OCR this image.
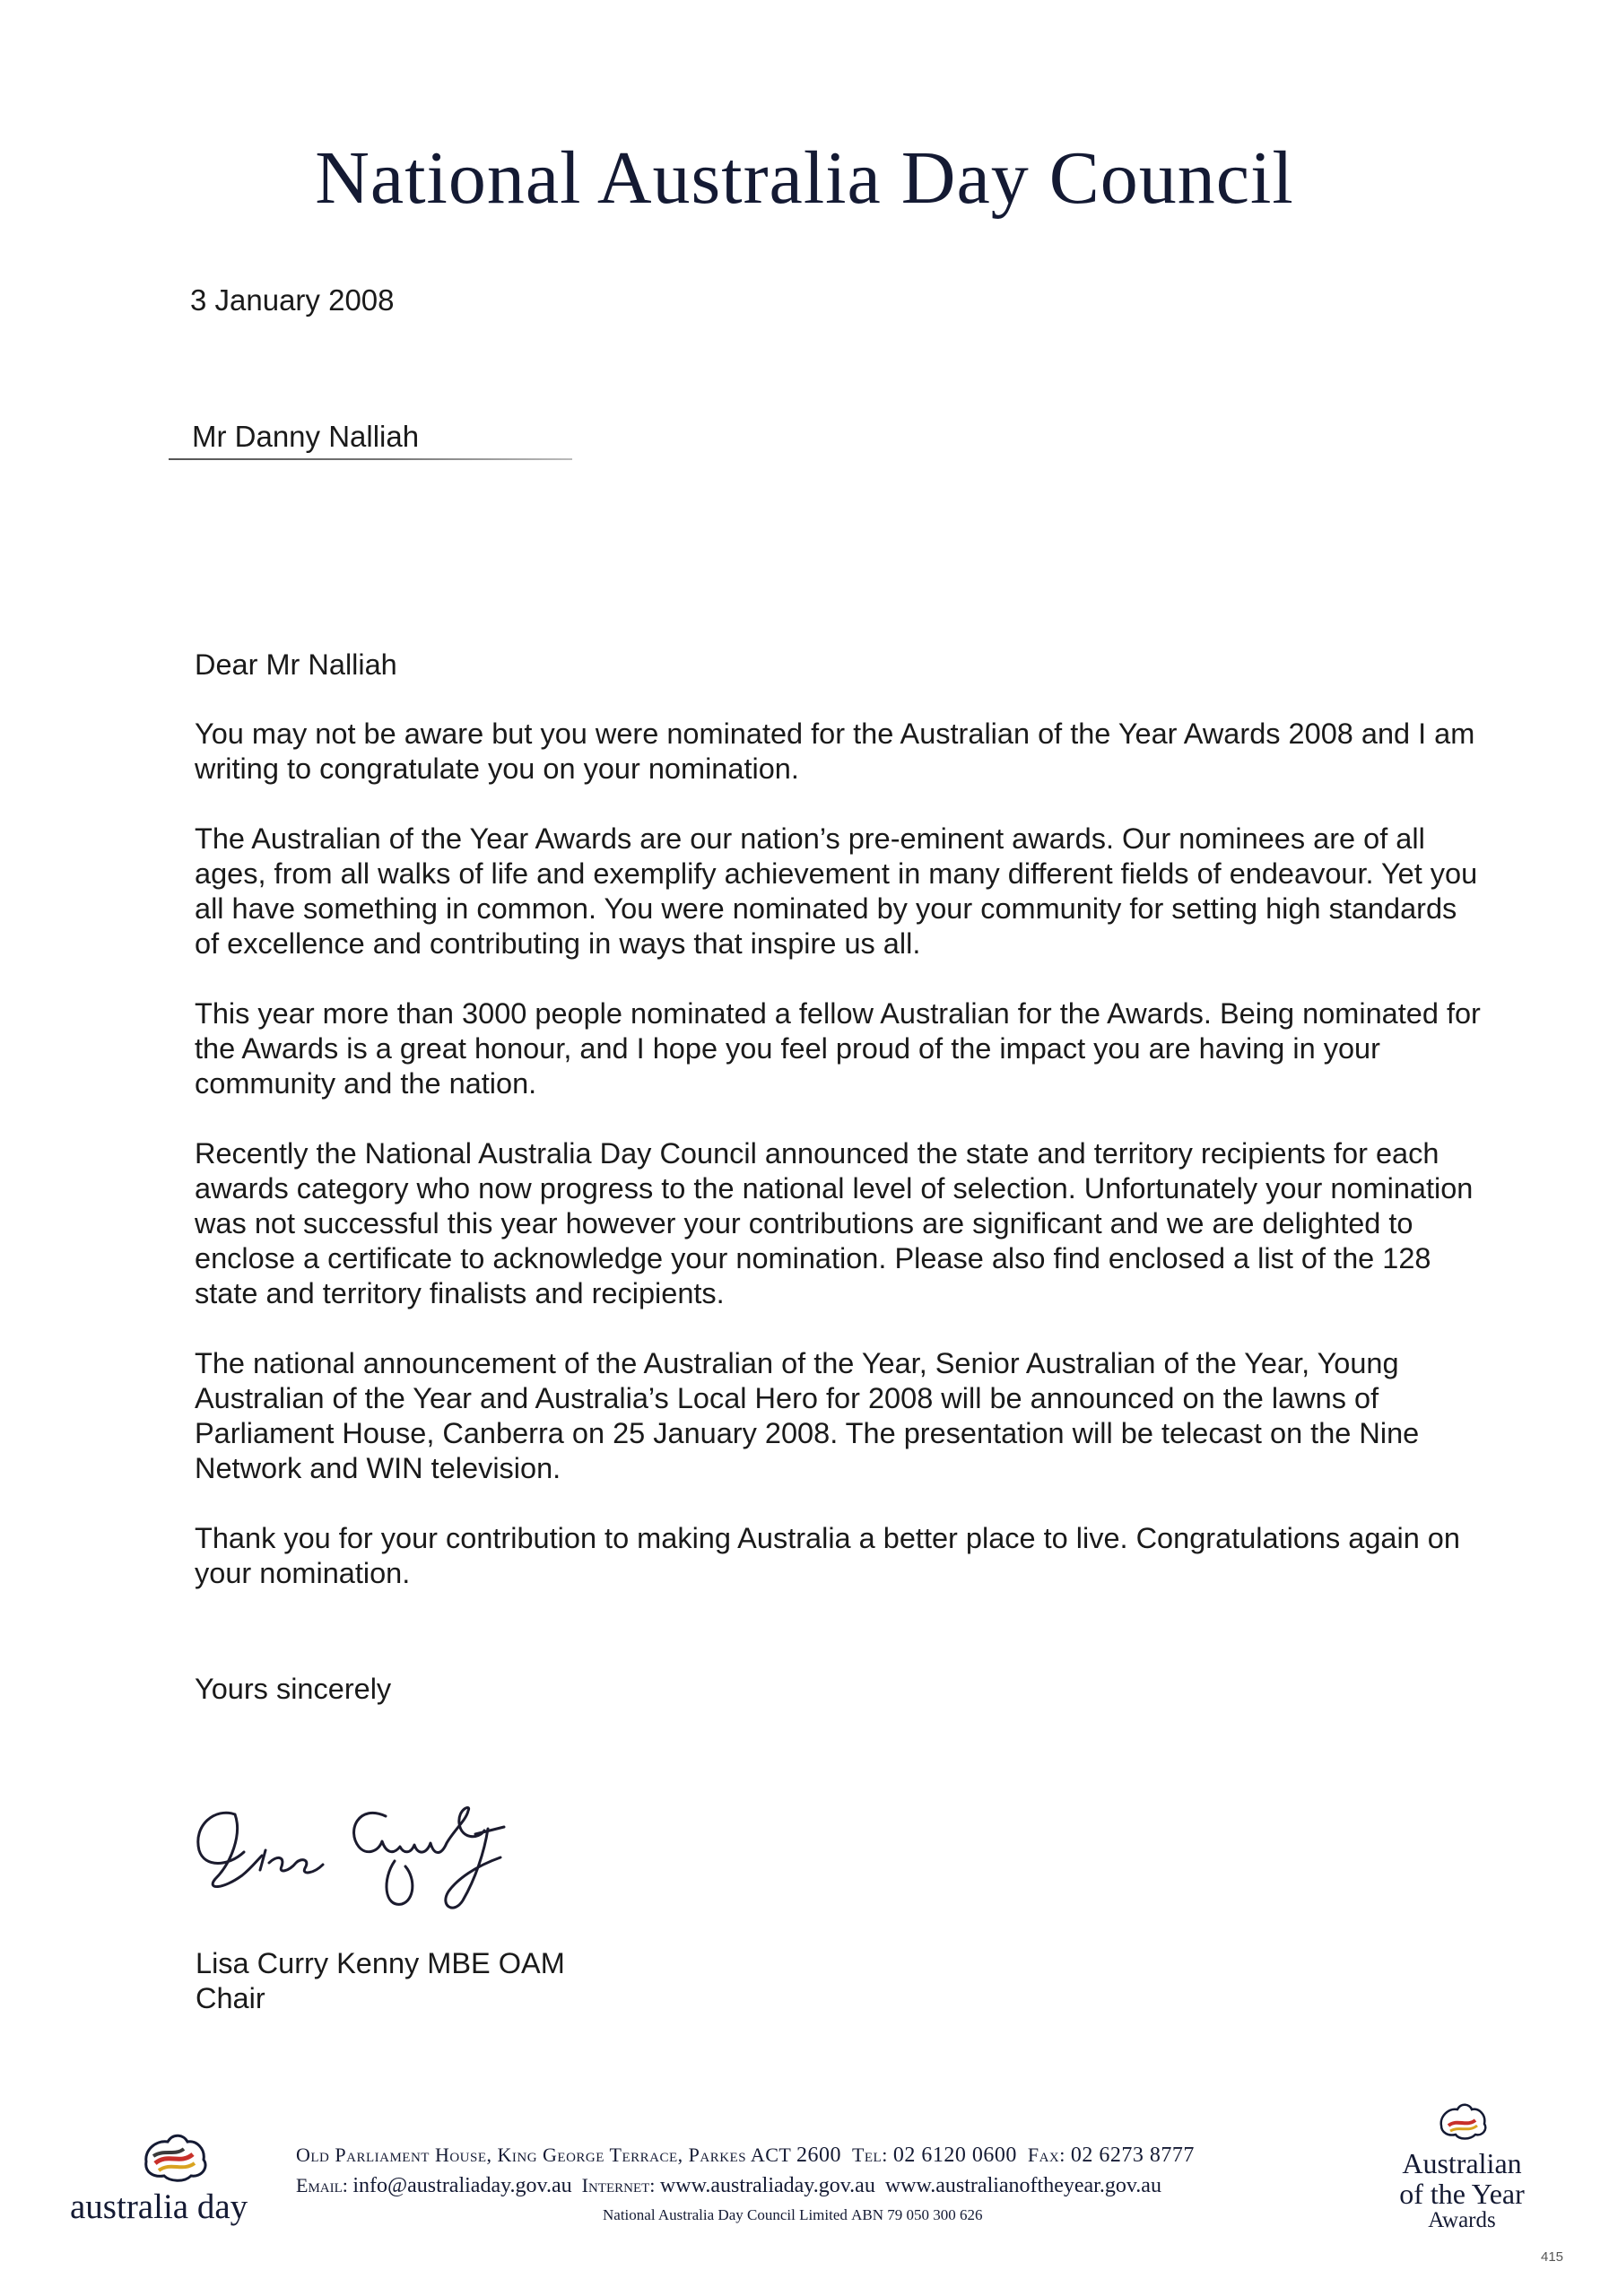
National Australia Day Council
3 January 2008
Mr Danny Nalliah

Dear Mr Nalliah

You may not be aware but you were nominated for the Australian of the Year Awards 2008 and I am writing to congratulate you on your nomination.

The Australian of the Year Awards are our nation’s pre-eminent awards. Our nominees are of all ages, from all walks of life and exemplify achievement in many different fields of endeavour. Yet you all have something in common. You were nominated by your community for setting high standards of excellence and contributing in ways that inspire us all.

This year more than 3000 people nominated a fellow Australian for the Awards. Being nominated for the Awards is a great honour, and I hope you feel proud of the impact you are having in your community and the nation.

Recently the National Australia Day Council announced the state and territory recipients for each awards category who now progress to the national level of selection. Unfortunately your nomination was not successful this year however your contributions are significant and we are delighted to enclose a certificate to acknowledge your nomination. Please also find enclosed a list of the 128 state and territory finalists and recipients.

The national announcement of the Australian of the Year, Senior Australian of the Year, Young Australian of the Year and Australia’s Local Hero for 2008 will be announced on the lawns of Parliament House, Canberra on 25 January 2008. The presentation will be telecast on the Nine Network and WIN television.

Thank you for your contribution to making Australia a better place to live. Congratulations again on your nomination.

Yours sincerely

Lisa Curry Kenny MBE OAM
Chair
australia day
Old Parliament House, King George Terrace, Parkes ACT 2600 Tel: 02 6120 0600 Fax: 02 6273 8777
Email: info@australiaday.gov.au Internet: www.australiaday.gov.au www.australianoftheyear.gov.au
National Australia Day Council Limited ABN 79 050 300 626
Australian
of the Year
Awards
415
